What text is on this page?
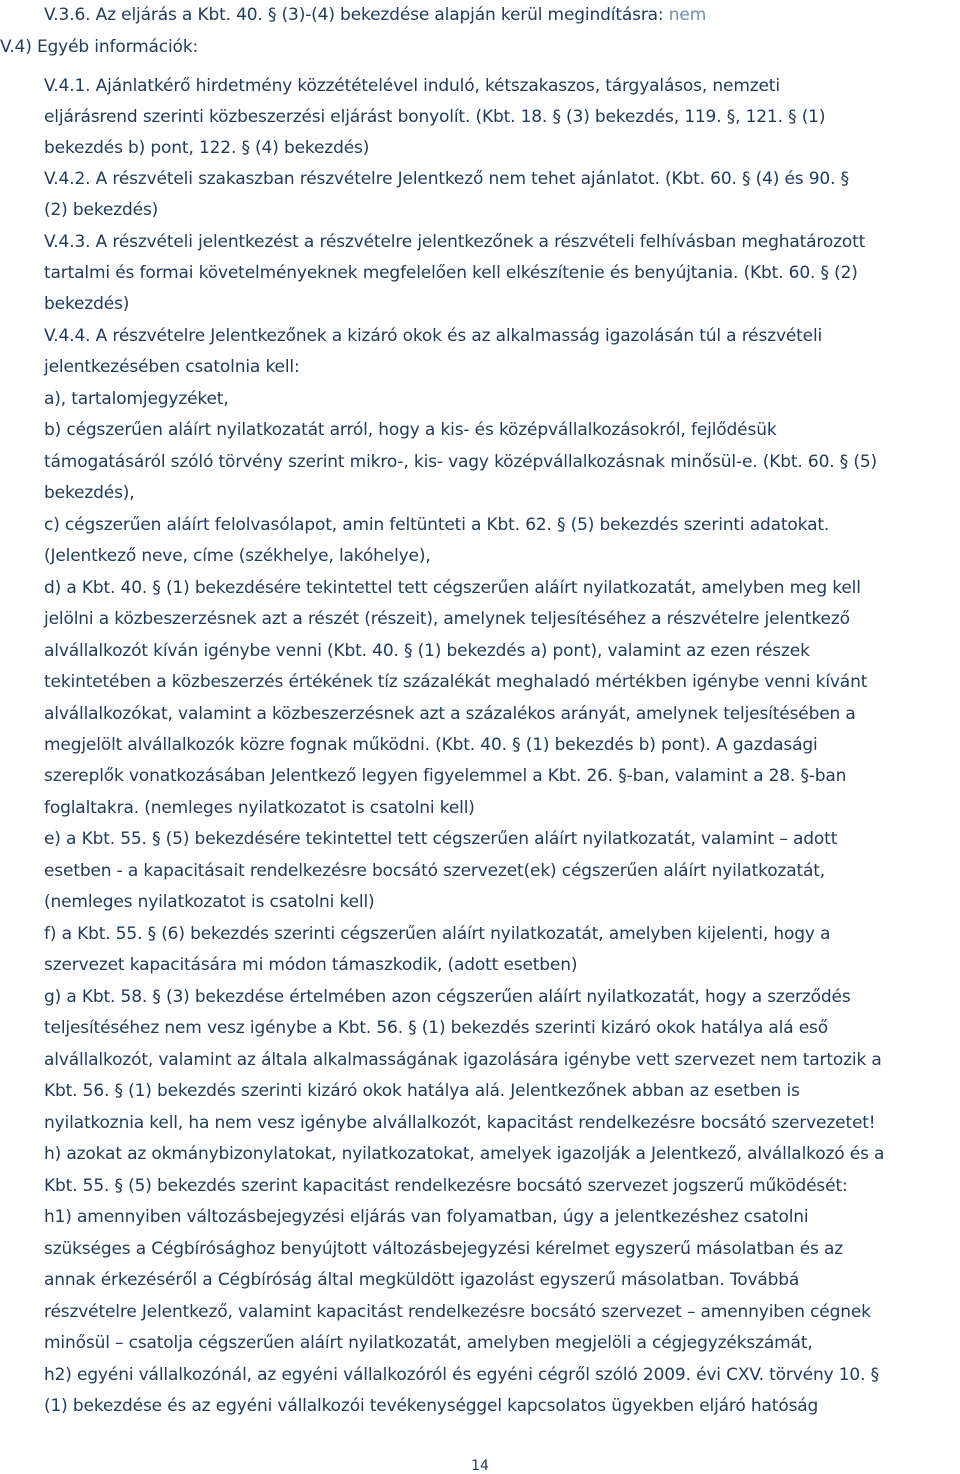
V.3.6. Az eljárás a Kbt. 40. § (3)-(4) bekezdése alapján kerül megindításra: nem
V.4) Egyéb információk:
V.4.1. Ajánlatkérő hirdetmény közzétételével induló, kétszakaszos, tárgyalásos, nemzeti
eljárásrend szerinti közbeszerzési eljárást bonyolít. (Kbt. 18. § (3) bekezdés, 119. §, 121. § (1)
bekezdés b) pont, 122. § (4) bekezdés)
V.4.2. A részvételi szakaszban részvételre Jelentkező nem tehet ajánlatot. (Kbt. 60. § (4) és 90. §
(2) bekezdés)
V.4.3. A részvételi jelentkezést a részvételre jelentkezőnek a részvételi felhívásban meghatározott
tartalmi és formai követelményeknek megfelelően kell elkészítenie és benyújtania. (Kbt. 60. § (2)
bekezdés)
V.4.4. A részvételre Jelentkezőnek a kizáró okok és az alkalmasság igazolásán túl a részvételi
jelentkezésében csatolnia kell:
a), tartalomjegyzéket,
b) cégszerűen aláírt nyilatkozatát arról, hogy a kis- és középvállalkozásokról, fejlődésük
támogatásáról szóló törvény szerint mikro-, kis- vagy középvállalkozásnak minősül-e. (Kbt. 60. § (5)
bekezdés),
c) cégszerűen aláírt felolvasólapot, amin feltünteti a Kbt. 62. § (5) bekezdés szerinti adatokat.
(Jelentkező neve, címe (székhelye, lakóhelye),
d) a Kbt. 40. § (1) bekezdésére tekintettel tett cégszerűen aláírt nyilatkozatát, amelyben meg kell
jelölni a közbeszerzésnek azt a részét (részeit), amelynek teljesítéséhez a részvételre jelentkező
alvállalkozót kíván igénybe venni (Kbt. 40. § (1) bekezdés a) pont), valamint az ezen részek
tekintetében a közbeszerzés értékének tíz százalékát meghaladó mértékben igénybe venni kívánt
alvállalkozókat, valamint a közbeszerzésnek azt a százalékos arányát, amelynek teljesítésében a
megjelölt alvállalkozók közre fognak működni. (Kbt. 40. § (1) bekezdés b) pont). A gazdasági
szereplők vonatkozásában Jelentkező legyen figyelemmel a Kbt. 26. §-ban, valamint a 28. §-ban
foglaltakra. (nemleges nyilatkozatot is csatolni kell)
e) a Kbt. 55. § (5) bekezdésére tekintettel tett cégszerűen aláírt nyilatkozatát, valamint – adott
esetben - a kapacitásait rendelkezésre bocsátó szervezet(ek) cégszerűen aláírt nyilatkozatát,
(nemleges nyilatkozatot is csatolni kell)
f) a Kbt. 55. § (6) bekezdés szerinti cégszerűen aláírt nyilatkozatát, amelyben kijelenti, hogy a
szervezet kapacitására mi módon támaszkodik, (adott esetben)
g) a Kbt. 58. § (3) bekezdése értelmében azon cégszerűen aláírt nyilatkozatát, hogy a szerződés
teljesítéséhez nem vesz igénybe a Kbt. 56. § (1) bekezdés szerinti kizáró okok hatálya alá eső
alvállalkozót, valamint az általa alkalmasságának igazolására igénybe vett szervezet nem tartozik a
Kbt. 56. § (1) bekezdés szerinti kizáró okok hatálya alá. Jelentkezőnek abban az esetben is
nyilatkoznia kell, ha nem vesz igénybe alvállalkozót, kapacitást rendelkezésre bocsátó szervezetet!
h) azokat az okmánybizonylatokat, nyilatkozatokat, amelyek igazolják a Jelentkező, alvállalkozó és a
Kbt. 55. § (5) bekezdés szerint kapacitást rendelkezésre bocsátó szervezet jogszerű működését:
h1) amennyiben változásbejegyzési eljárás van folyamatban, úgy a jelentkezéshez csatolni
szükséges a Cégbírósághoz benyújtott változásbejegyzési kérelmet egyszerű másolatban és az
annak érkezéséről a Cégbíróság által megküldött igazolást egyszerű másolatban. Továbbá
részvételre Jelentkező, valamint kapacitást rendelkezésre bocsátó szervezet – amennyiben cégnek
minősül – csatolja cégszerűen aláírt nyilatkozatát, amelyben megjelöli a cégjegyzékszámát,
h2) egyéni vállalkozónál, az egyéni vállalkozóról és egyéni cégről szóló 2009. évi CXV. törvény 10. §
(1) bekezdése és az egyéni vállalkozói tevékenységgel kapcsolatos ügyekben eljáró hatóság
14
